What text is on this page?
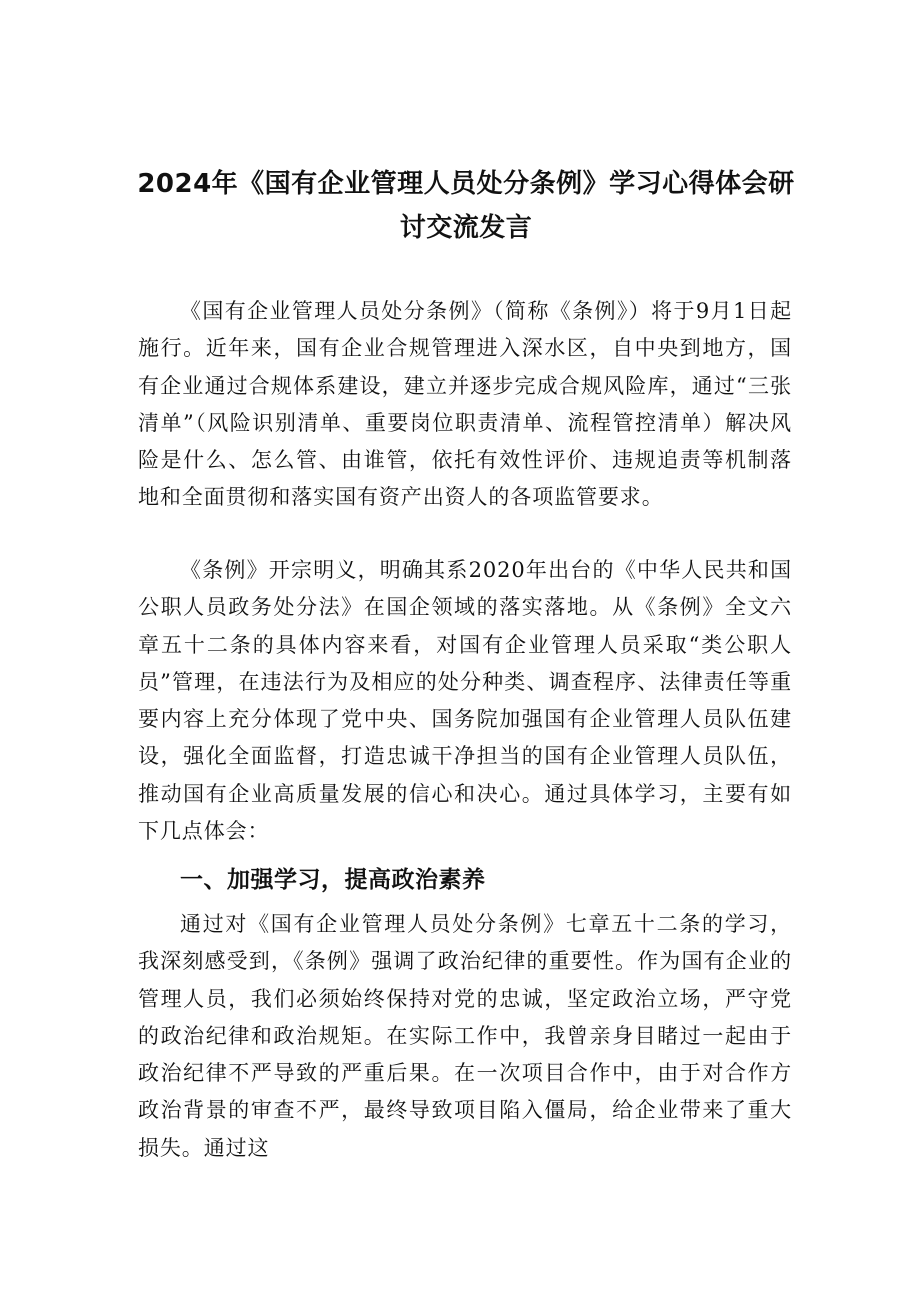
2024年《国有企业管理人员处分条例》学习心得体会研讨交流发言

《国有企业管理人员处分条例》（简称《条例》）将于9月1日起施行。近年来，国有企业合规管理进入深水区，自中央到地方，国有企业通过合规体系建设，建立并逐步完成合规风险库，通过“三张清单”（风险识别清单、重要岗位职责清单、流程管控清单）解决风险是什么、怎么管、由谁管，依托有效性评价、违规追责等机制落地和全面贯彻和落实国有资产出资人的各项监管要求。

《条例》开宗明义，明确其系2020年出台的《中华人民共和国公职人员政务处分法》在国企领域的落实落地。从《条例》全文六章五十二条的具体内容来看，对国有企业管理人员采取“类公职人员”管理，在违法行为及相应的处分种类、调查程序、法律责任等重要内容上充分体现了党中央、国务院加强国有企业管理人员队伍建设，强化全面监督，打造忠诚干净担当的国有企业管理人员队伍，推动国有企业高质量发展的信心和决心。通过具体学习，主要有如下几点体会：

一、加强学习，提高政治素养

通过对《国有企业管理人员处分条例》七章五十二条的学习，我深刻感受到，《条例》强调了政治纪律的重要性。作为国有企业的管理人员，我们必须始终保持对党的忠诚，坚定政治立场，严守党的政治纪律和政治规矩。在实际工作中，我曾亲身目睹过一起由于政治纪律不严导致的严重后果。在一次项目合作中，由于对合作方政治背景的审查不严，最终导致项目陷入僵局，给企业带来了重大损失。通过这
